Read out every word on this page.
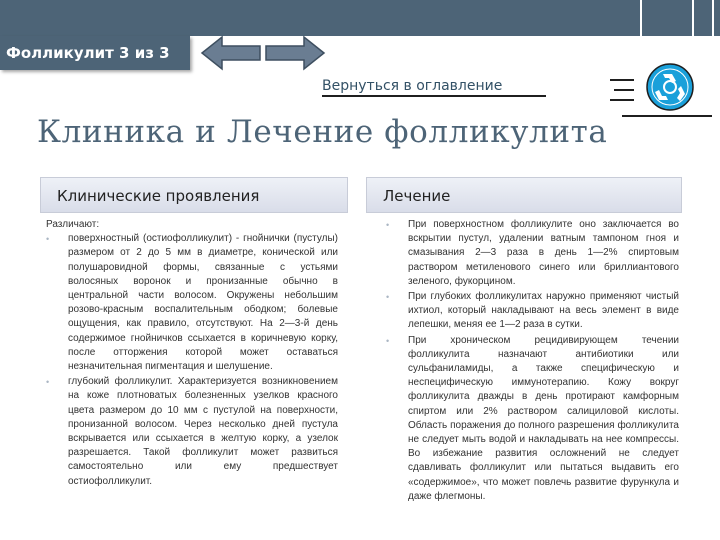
Фолликулит 3 из 3
Вернуться в оглавление
Клиника и Лечение фолликулита
Клинические проявления	Лечение

Различают:

• поверхностный (остиофолликулит) - гнойнички (пустулы) размером от 2 до 5 мм в диаметре, конической или полушаровидной формы, связанные с устьями волосяных воронок и пронизанные обычно в центральной части волосом. Окружены небольшим розово-красным воспалительным ободком; болевые ощущения, как правило, отсутствуют. На 2—3-й день содержимое гнойничков ссыхается в коричневую корку, после отторжения которой может оставаться незначительная пигментация и шелушение.
• глубокий фолликулит. Характеризуется возникновением на коже плотноватых болезненных узелков красного цвета размером до 10 мм с пустулой на поверхности, пронизанной волосом. Через несколько дней пустула вскрывается или ссыхается в желтую корку, а узелок разрешается. Такой фолликулит может развиться самостоятельно или ему предшествует остиофолликулит.
• При поверхностном фолликулите оно заключается во вскрытии пустул, удалении ватным тампоном гноя и смазывания 2—3 раза в день 1—2% спиртовым раствором метиленового синего или бриллиантового зеленого, фукорцином.
• При глубоких фолликулитах наружно применяют чистый ихтиол, который накладывают на весь элемент в виде лепешки, меняя ее 1—2 раза в сутки.
• При хроническом рецидивирующем течении фолликулита назначают антибиотики или сульфаниламиды, а также специфическую и неспецифическую иммунотерапию. Кожу вокруг фолликулита дважды в день протирают камфорным спиртом или 2% раствором салициловой кислоты. Область поражения до полного разрешения фолликулита не следует мыть водой и накладывать на нее компрессы. Во избежание развития осложнений не следует сдавливать фолликулит или пытаться выдавить его «содержимое», что может повлечь развитие фурункула и даже флегмоны.
